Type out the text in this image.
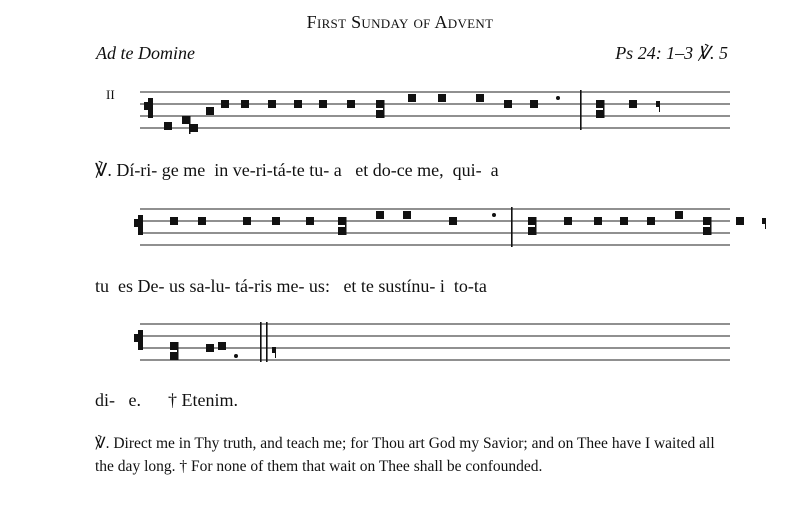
First Sunday of Advent
Ad te Domine	Ps 24: 1–3 ℣. 5
II
℣. Dí-ri- ge me  in ve-ri-tá-te tu- a   et do-ce me,  qui-  a
tu  es De- us sa-lu- tá-ris me- us:   et te sustínu- i  to-ta
di-   e.      † Etenim.

℣. Direct me in Thy truth, and teach me; for Thou art God my Savior; and on Thee have I waited all the day long. † For none of them that wait on Thee shall be confounded.
